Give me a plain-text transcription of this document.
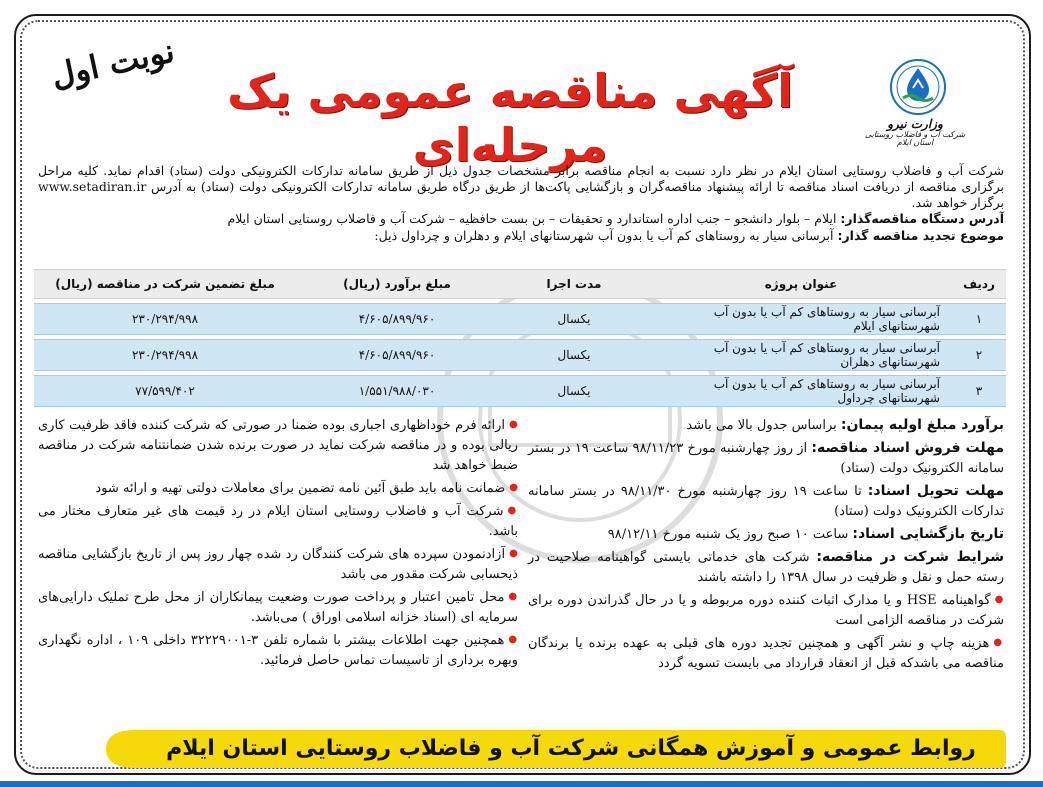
نوبت اول
وزارت نیرو
شرکت آب و فاضلاب روستایی استان ایلام
آگهی مناقصه عمومی یک مرحله‌ای
شرکت آب و فاضلاب روستایی استان ایلام در نظر دارد نسبت به انجام مناقصه برابر مشخصات جدول ذیل از طریق سامانه تدارکات الکترونیکی دولت (ستاد) اقدام نماید. کلیه مراحل برگزاری مناقصه از دریافت اسناد مناقصه تا ارائه پیشنهاد مناقصه‌گران و بازگشایی پاکت‌ها از طریق درگاه طریق سامانه تدارکات الکترونیکی دولت (ستاد) به آدرس www.setadiran.ir برگزار خواهد شد.
آدرس دستگاه مناقصه‌گذار: ایلام – بلوار دانشجو – جنب اداره استاندارد و تحقیقات – بن بست حافظیه – شرکت آب و فاضلاب روستایی استان ایلام
موضوع تجدید مناقصه گذار: آبرسانی سیار به روستاهای کم آب یا بدون آب شهرستانهای ایلام و دهلران و چرداول ذیل:
ردیف	عنوان پروژه	مدت اجرا	مبلغ برآورد (ریال)	مبلغ تضمین شرکت در مناقصه (ریال)
۱	آبرسانی سیار به روستاهای کم آب یا بدون آب شهرستانهای ایلام	یکسال	۴/۶۰۵/۸۹۹/۹۶۰	۲۳۰/۲۹۴/۹۹۸
۲	آبرسانی سیار به روستاهای کم آب یا بدون آب شهرستانهای دهلران	یکسال	۴/۶۰۵/۸۹۹/۹۶۰	۲۳۰/۲۹۴/۹۹۸
۳	آبرسانی سیار به روستاهای کم آب یا بدون آب شهرستانهای چرداول	یکسال	۱/۵۵۱/۹۸۸/۰۳۰	۷۷/۵۹۹/۴۰۲

برآورد مبلغ اولیه پیمان: براساس جدول بالا می باشد

مهلت فروش اسناد مناقصه: از روز چهارشنبه مورخ ۹۸/۱۱/۲۳ ساعت ۱۹ در بستر سامانه الکترونیک دولت (ستاد)

مهلت تحویل اسناد: تا ساعت ۱۹ روز چهارشنبه مورخ ۹۸/۱۱/۳۰ در بستر سامانه تدارکات الکترونیک دولت (ستاد)

تاریخ بازگشایی اسناد: ساعت ۱۰ صبح روز یک شنبه مورخ ۹۸/۱۲/۱۱

شرایط شرکت در مناقصه: شرکت های خدماتی بایستی گواهینامه صلاحیت در رسته حمل و نقل و ظرفیت در سال ۱۳۹۸ را داشته باشند

● گواهینامه HSE و یا مدارک اثبات کننده دوره مربوطه و یا در حال گذراندن دوره برای شرکت در مناقصه الزامی است

● هزینه چاپ و نشر آگهی و همچنین تجدید دوره های قبلی به عهده برنده یا برندگان مناقصه می باشدکه قبل از انعقاد قرارداد می بایست تسویه گردد

● ارائه فرم خوداظهاری اجباری بوده ضمنا در صورتی که شرکت کننده فاقد ظرفیت کاری ریالی بوده و در مناقصه شرکت نماید در صورت برنده شدن ضمانتنامه شرکت در مناقصه ضبط خواهد شد

● ضمانت نامه باید طبق آئین نامه تضمین برای معاملات دولتی تهیه و ارائه شود

● شرکت آب و فاضلاب روستایی استان ایلام در رد قیمت های غیر متعارف مختار می باشد.

● آزادنمودن سپرده های شرکت کنندگان رد شده چهار روز پس از تاریخ بازگشایی مناقصه ذیحسابی شرکت مقدور می باشد

● محل تامین اعتبار و پرداخت صورت وضعیت پیمانکاران از محل طرح تملیک دارایی‌های سرمایه ای (اسناد خزانه اسلامی اوراق ) می‌باشد.

● همچنین جهت اطلاعات بیشتر با شماره تلفن ۳-۳۲۲۲۹۰۰۱ داخلی ۱۰۹ ، اداره نگهداری وبهره برداری از تاسیسات تماس حاصل فرمائید.

روابط عمومی و آموزش همگانی شرکت آب و فاضلاب روستایی استان ایلام
